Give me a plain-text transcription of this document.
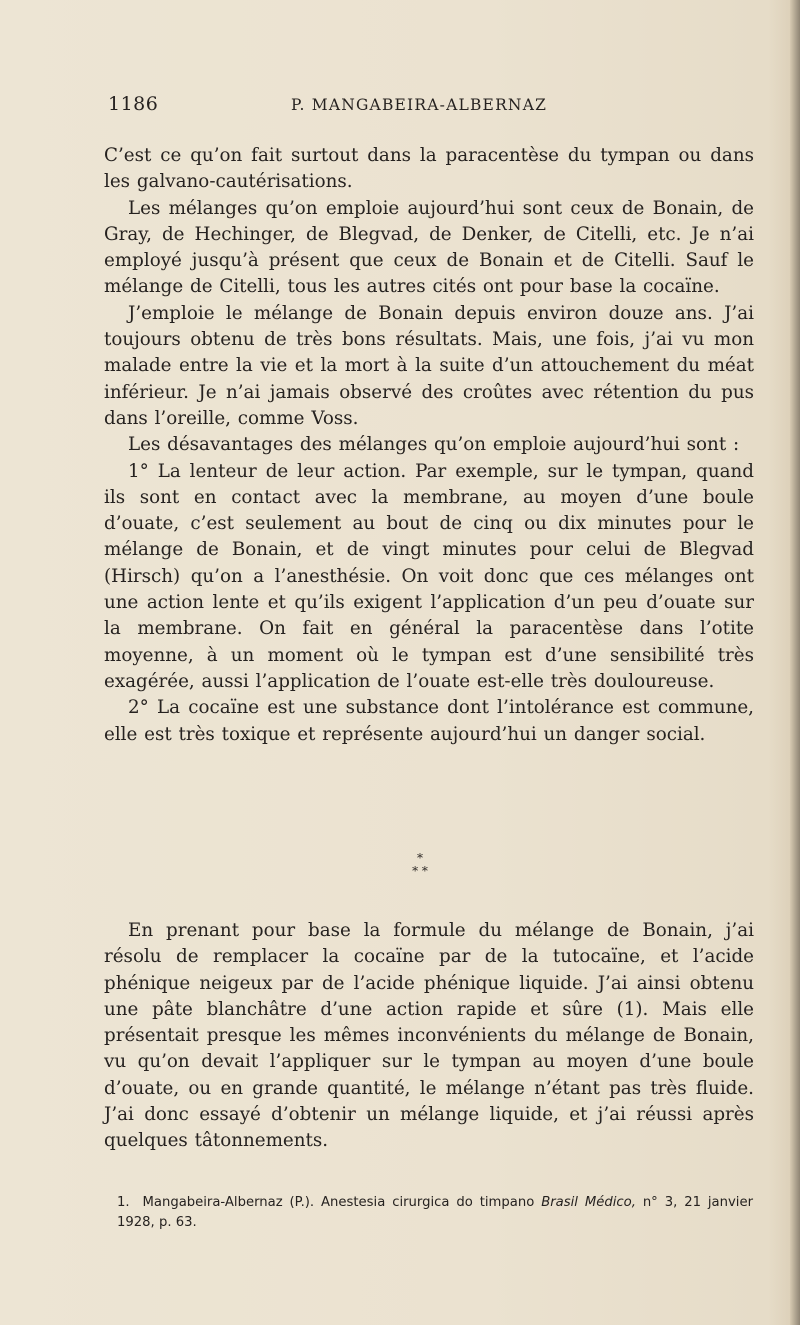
1186	P. MANGABEIRA-ALBERNAZ

C’est ce qu’on fait surtout dans la paracentèse du tympan ou dans les galvano-cautérisations.

Les mélanges qu’on emploie aujourd’hui sont ceux de Bonain, de Gray, de Hechinger, de Blegvad, de Denker, de Citelli, etc. Je n’ai employé jusqu’à présent que ceux de Bonain et de Citelli. Sauf le mélange de Citelli, tous les autres cités ont pour base la cocaïne.

J’emploie le mélange de Bonain depuis environ douze ans. J’ai toujours obtenu de très bons résultats. Mais, une fois, j’ai vu mon malade entre la vie et la mort à la suite d’un attouchement du méat inférieur. Je n’ai jamais observé des croûtes avec rétention du pus dans l’oreille, comme Voss.

Les désavantages des mélanges qu’on emploie aujourd’hui sont :

1° La lenteur de leur action. Par exemple, sur le tympan, quand ils sont en contact avec la membrane, au moyen d’une boule d’ouate, c’est seulement au bout de cinq ou dix minutes pour le mélange de Bonain, et de vingt minutes pour celui de Blegvad (Hirsch) qu’on a l’anesthésie. On voit donc que ces mélanges ont une action lente et qu’ils exigent l’application d’un peu d’ouate sur la membrane. On fait en général la paracentèse dans l’otite moyenne, à un moment où le tympan est d’une sensibilité très exagérée, aussi l’application de l’ouate est-elle très douloureuse.

2° La cocaïne est une substance dont l’intolérance est commune, elle est très toxique et représente aujourd’hui un danger social.

*
* *

En prenant pour base la formule du mélange de Bonain, j’ai résolu de remplacer la cocaïne par de la tutocaïne, et l’acide phénique neigeux par de l’acide phénique liquide. J’ai ainsi obtenu une pâte blanchâtre d’une action rapide et sûre (1). Mais elle présentait presque les mêmes inconvénients du mélange de Bonain, vu qu’on devait l’appliquer sur le tympan au moyen d’une boule d’ouate, ou en grande quantité, le mélange n’étant pas très fluide. J’ai donc essayé d’obtenir un mélange liquide, et j’ai réussi après quelques tâtonnements.

1. Mangabeira-Albernaz (P.). Anestesia cirurgica do timpano Brasil Médico, n° 3, 21 janvier 1928, p. 63.
